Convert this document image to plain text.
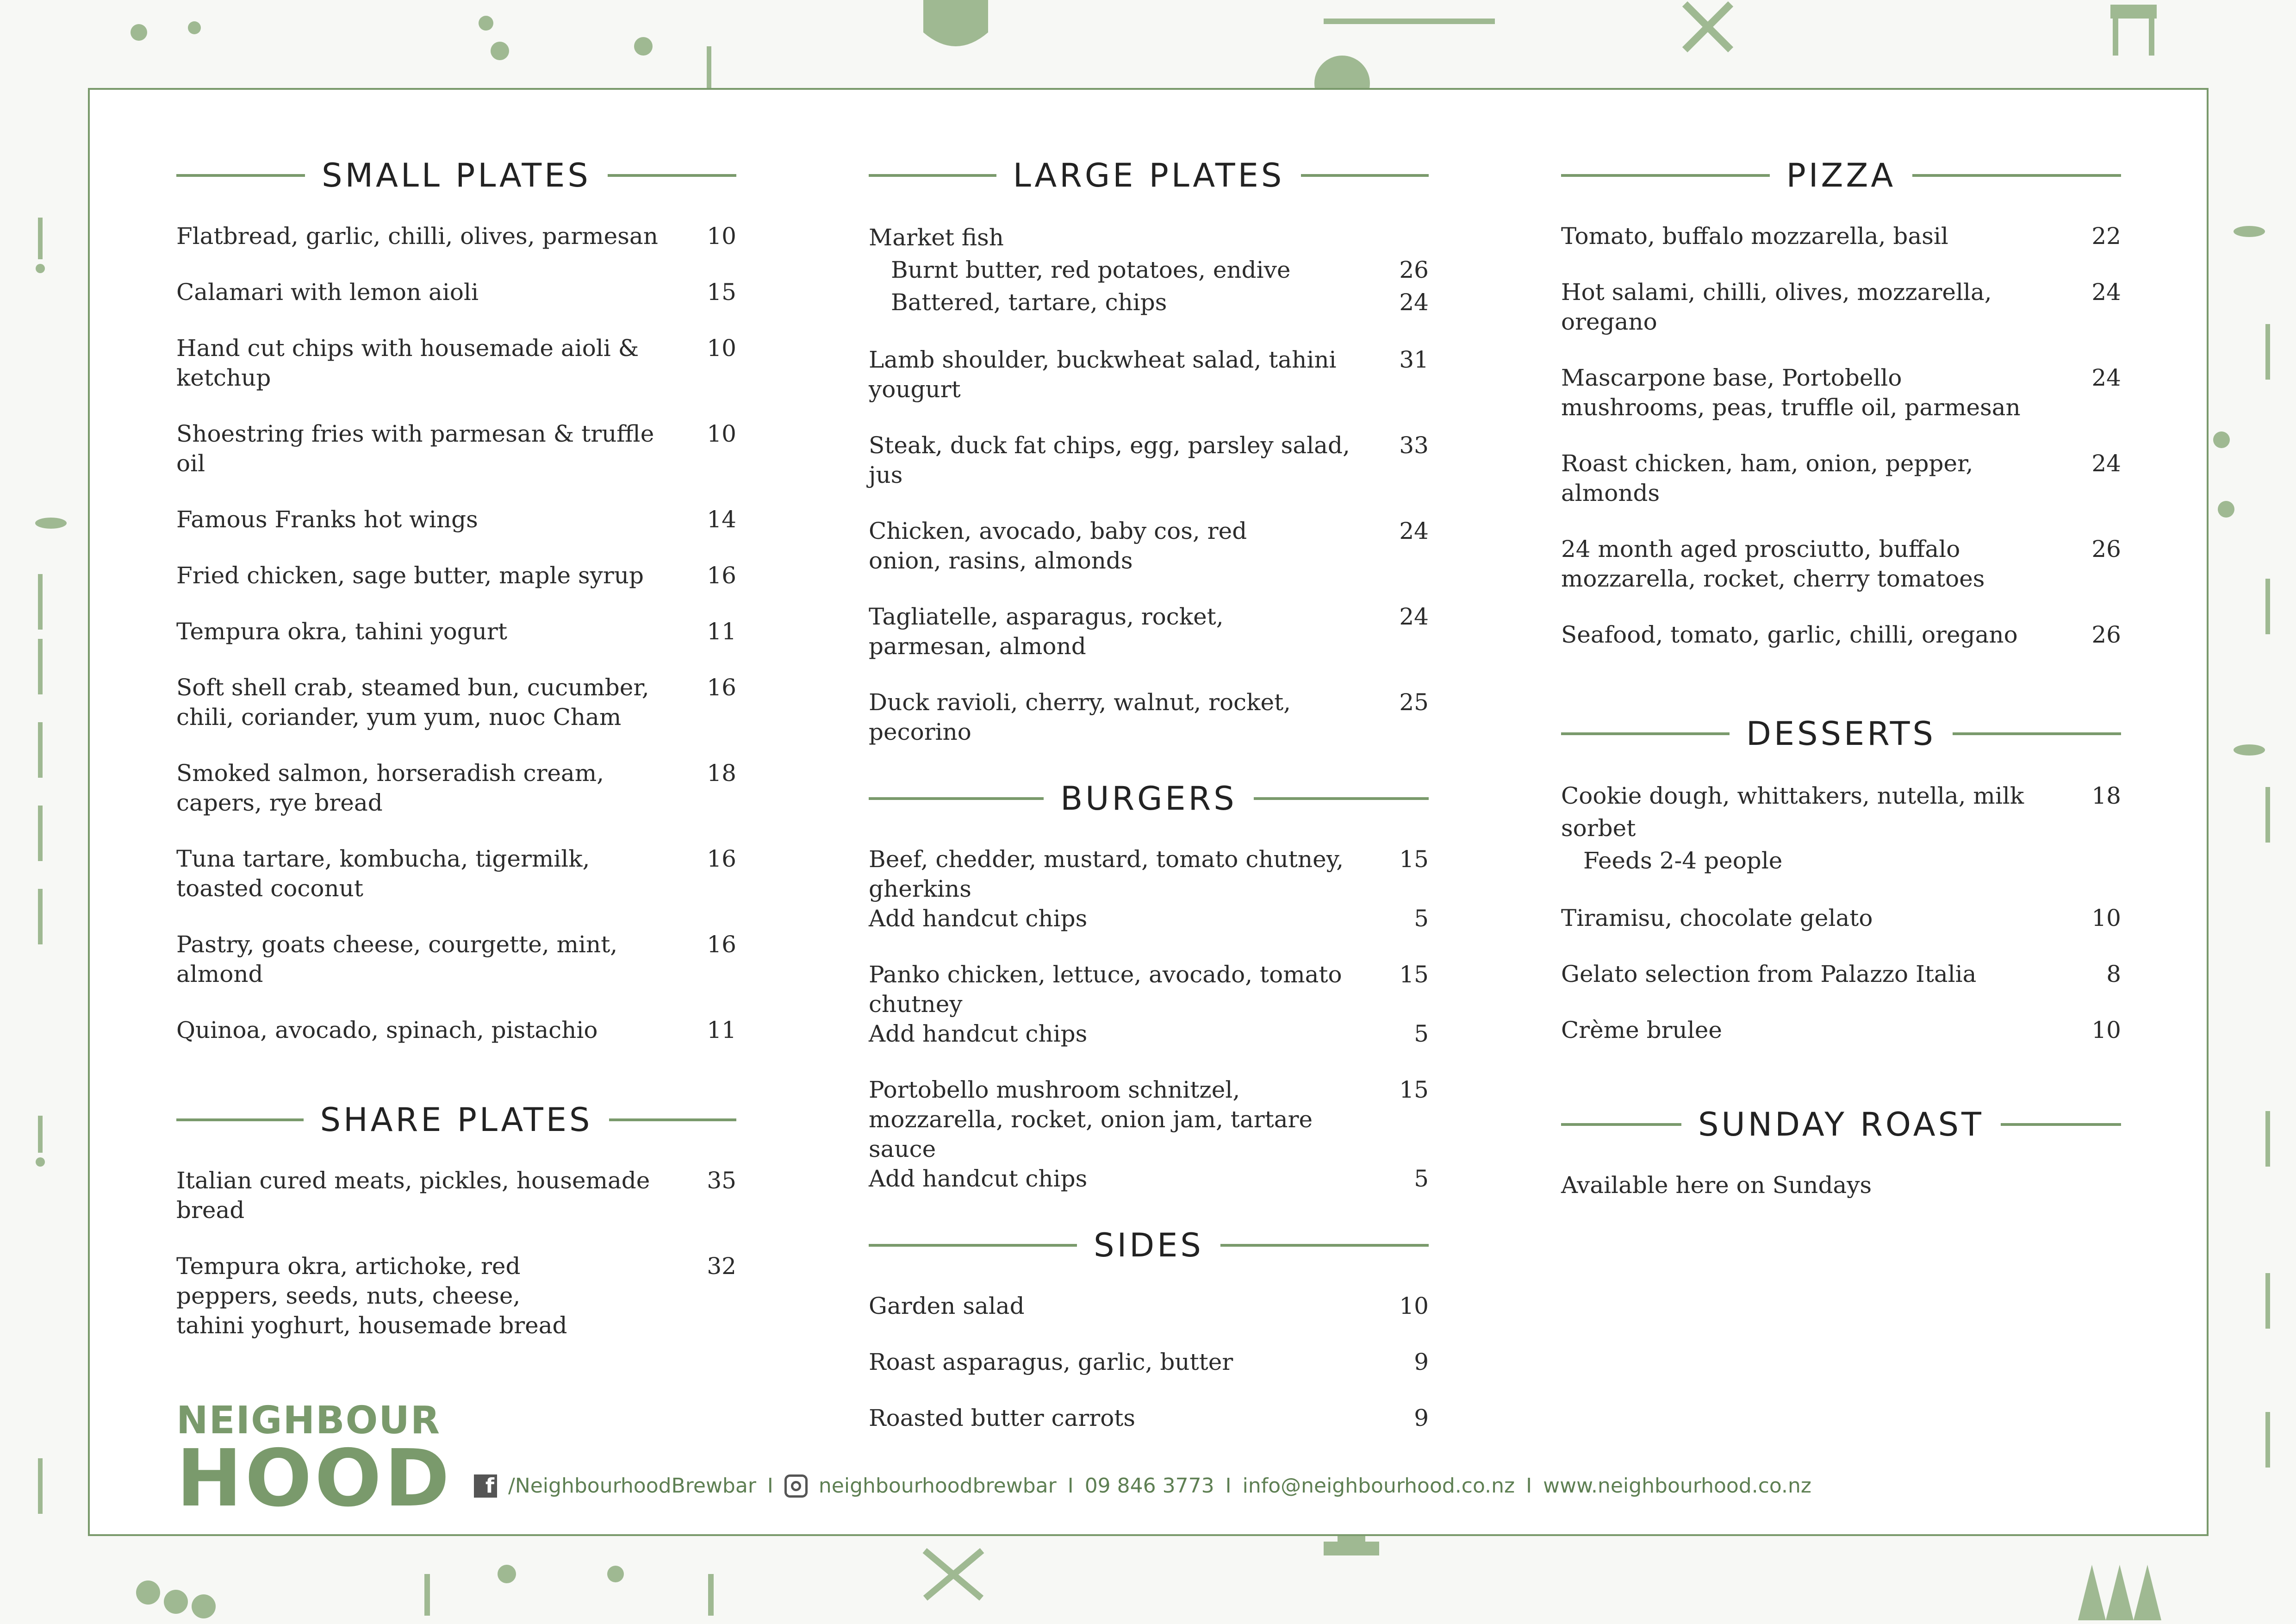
SMALL PLATES
Flatbread, garlic, chilli, olives, parmesan	10
Calamari with lemon aioli	15
Hand cut chips with housemade aioli & ketchup
10
Shoestring fries with parmesan & truffle oil
10
Famous Franks hot wings	14
Fried chicken, sage butter, maple syrup	16
Tempura okra, tahini yogurt	11
Soft shell crab, steamed bun, cucumber, chili, coriander, yum yum, nuoc Cham
16
Smoked salmon, horseradish cream, capers, rye bread
18
Tuna tartare, kombucha, tigermilk, toasted coconut
16
Pastry, goats cheese, courgette, mint, almond
16
Quinoa, avocado, spinach, pistachio	11
SHARE PLATES
Italian cured meats, pickles, housemade bread
35
Tempura okra, artichoke, red peppers, seeds, nuts, cheese, tahini yoghurt, housemade bread
32
LARGE PLATES
Market fish
Burnt butter, red potatoes, endive	26
Battered, tartare, chips	24
Lamb shoulder, buckwheat salad, tahini yougurt
31
Steak, duck fat chips, egg, parsley salad, jus
33
Chicken, avocado, baby cos, red onion, rasins, almonds
24
Tagliatelle, asparagus, rocket, parmesan, almond
24
Duck ravioli, cherry, walnut, rocket, pecorino
25
BURGERS
Beef, chedder, mustard, tomato chutney, gherkins
15
Add handcut chips	5
Panko chicken, lettuce, avocado, tomato chutney
15
Add handcut chips	5
Portobello mushroom schnitzel, mozzarella, rocket, onion jam, tartare sauce
15
Add handcut chips	5
SIDES
Garden salad	10
Roast asparagus, garlic, butter	9
Roasted butter carrots	9
PIZZA
Tomato, buffalo mozzarella, basil	22
Hot salami, chilli, olives, mozzarella, oregano
24
Mascarpone base, Portobello mushrooms, peas, truffle oil, parmesan
24
Roast chicken, ham, onion, pepper, almonds
24
24 month aged prosciutto, buffalo mozzarella, rocket, cherry tomatoes
26
Seafood, tomato, garlic, chilli, oregano	26
DESSERTS
Cookie dough, whittakers, nutella, milk sorbet
18
Feeds 2-4 people
Tiramisu, chocolate gelato	10
Gelato selection from Palazzo Italia	8
Crème brulee	10
SUNDAY ROAST
Available here on Sundays
NEIGHBOUR
HOOD	f /NeighbourhoodBrewbar I neighbourhoodbrewbar I 09 846 3773 I info@neighbourhood.co.nz I www.neighbourhood.co.nz
